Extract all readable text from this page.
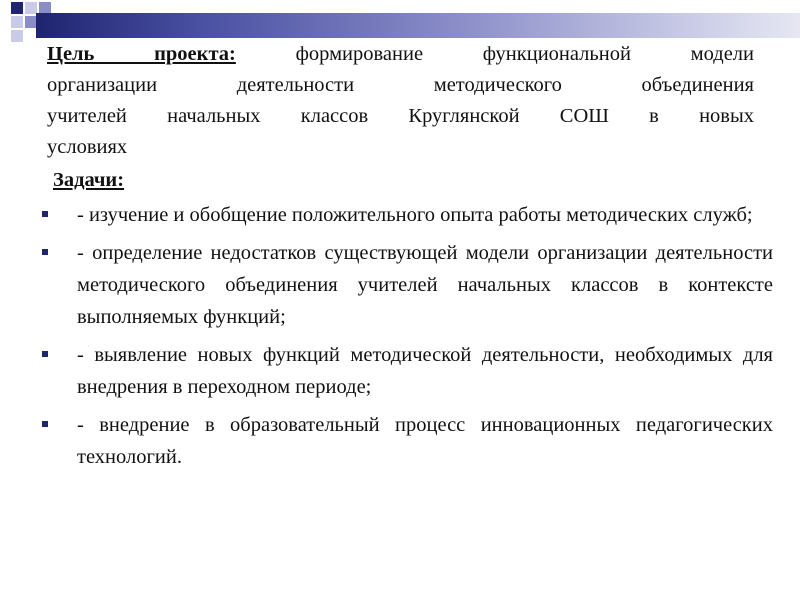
Цель проекта:	формирование функциональной модели
организации деятельности методического объединения
учителей начальных классов Круглянской СОШ в новых
условиях
Задачи:
- изучение и обобщение положительного опыта работы методических служб;
- определение недостатков существующей модели организации деятельности методического объединения учителей начальных классов в контексте выполняемых функций;
- выявление новых функций методической деятельности, необходимых для внедрения в переходном периоде;
- внедрение в образовательный процесс инновационных педагогических технологий.
